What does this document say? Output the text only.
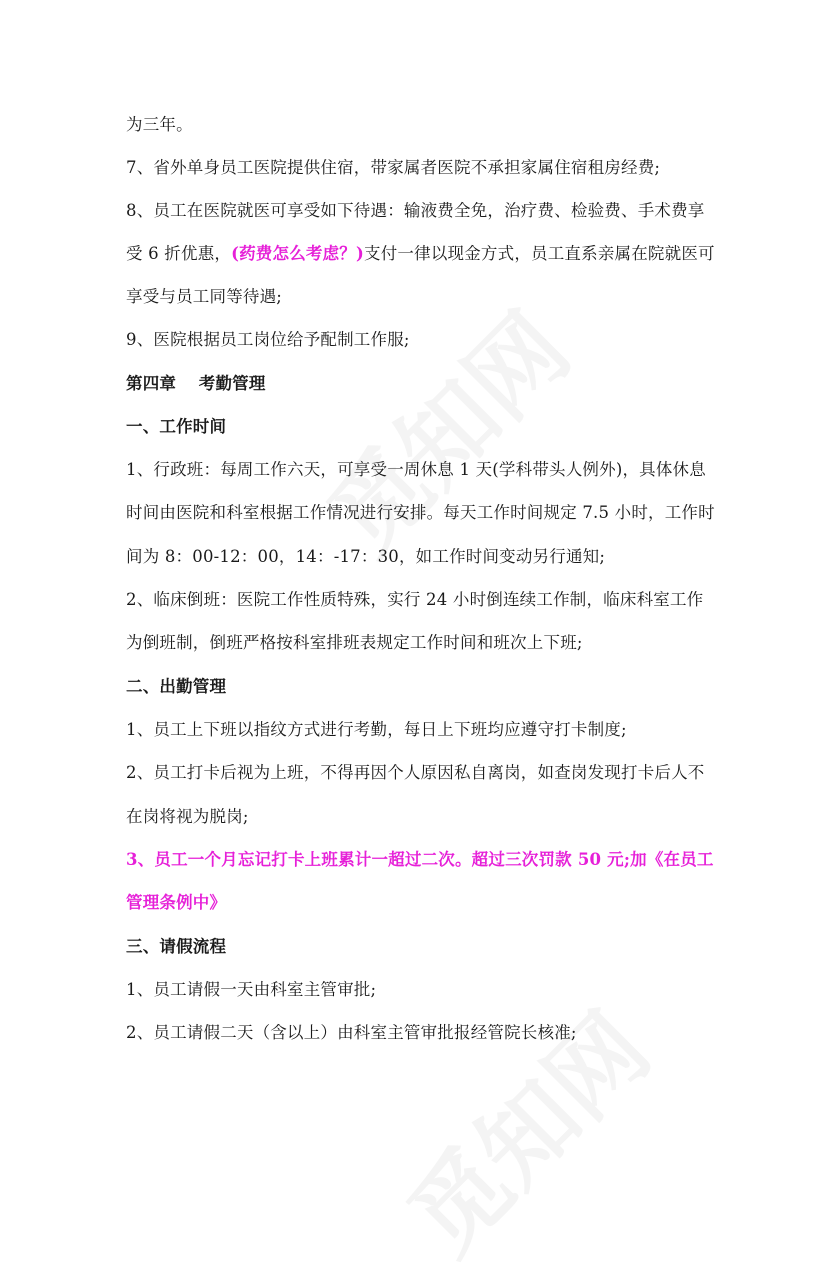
为三年。
7、省外单身员工医院提供住宿，带家属者医院不承担家属住宿租房经费;
8、员工在医院就医可享受如下待遇：输液费全免，治疗费、检验费、手术费享
受 6 折优惠，(药费怎么考虑？)支付一律以现金方式，员工直系亲属在院就医可
享受与员工同等待遇;
9、医院根据员工岗位给予配制工作服;
第四章　 考勤管理
一、工作时间
1、行政班：每周工作六天，可享受一周休息 1 天(学科带头人例外)，具体休息
时间由医院和科室根据工作情况进行安排。每天工作时间规定 7.5 小时，工作时
间为 8：00-12：00，14：-17：30，如工作时间变动另行通知;
2、临床倒班：医院工作性质特殊，实行 24 小时倒连续工作制，临床科室工作
为倒班制，倒班严格按科室排班表规定工作时间和班次上下班;
二、出勤管理
1、员工上下班以指纹方式进行考勤，每日上下班均应遵守打卡制度;
2、员工打卡后视为上班，不得再因个人原因私自离岗，如查岗发现打卡后人不
在岗将视为脱岗;
3、员工一个月忘记打卡上班累计一超过二次。超过三次罚款 50 元;加《在员工
管理条例中》
三、请假流程
1、员工请假一天由科室主管审批;
2、员工请假二天（含以上）由科室主管审批报经管院长核准;
